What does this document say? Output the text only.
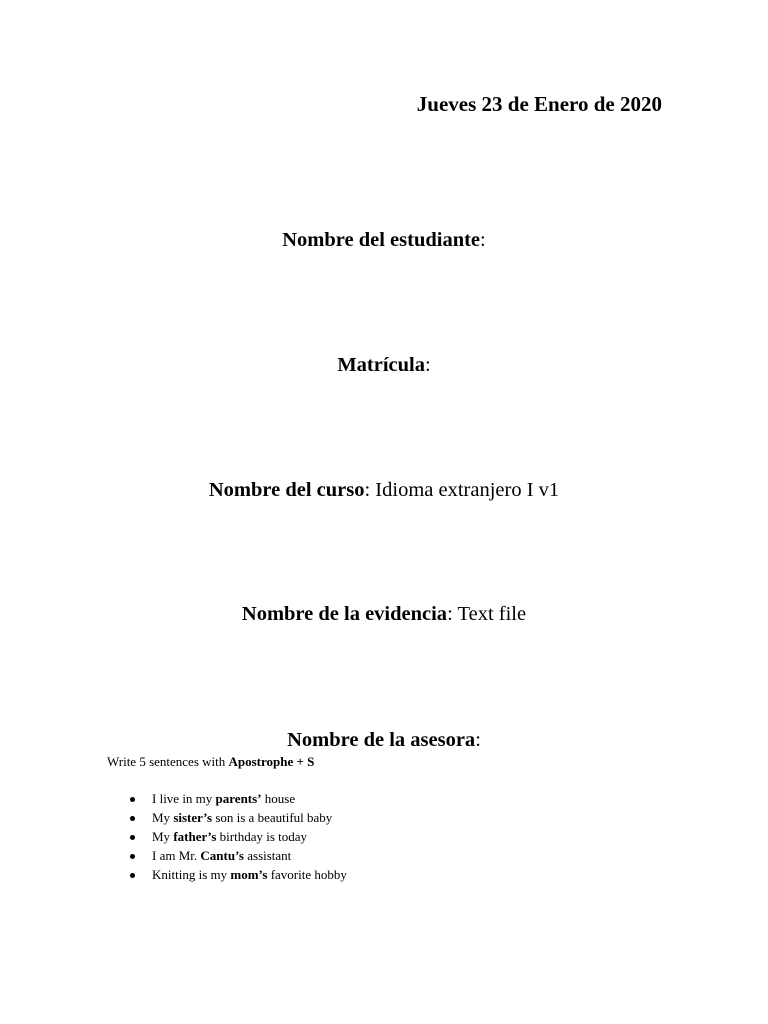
Jueves 23 de Enero de 2020
Nombre del estudiante:
Matrícula:
Nombre del curso: Idioma extranjero I v1
Nombre de la evidencia: Text file
Nombre de la asesora:
Write 5 sentences with Apostrophe + S
I live in my parents’ house
My sister’s son is a beautiful baby
My father’s birthday is today
I am Mr. Cantu’s assistant
Knitting is my mom’s favorite hobby
